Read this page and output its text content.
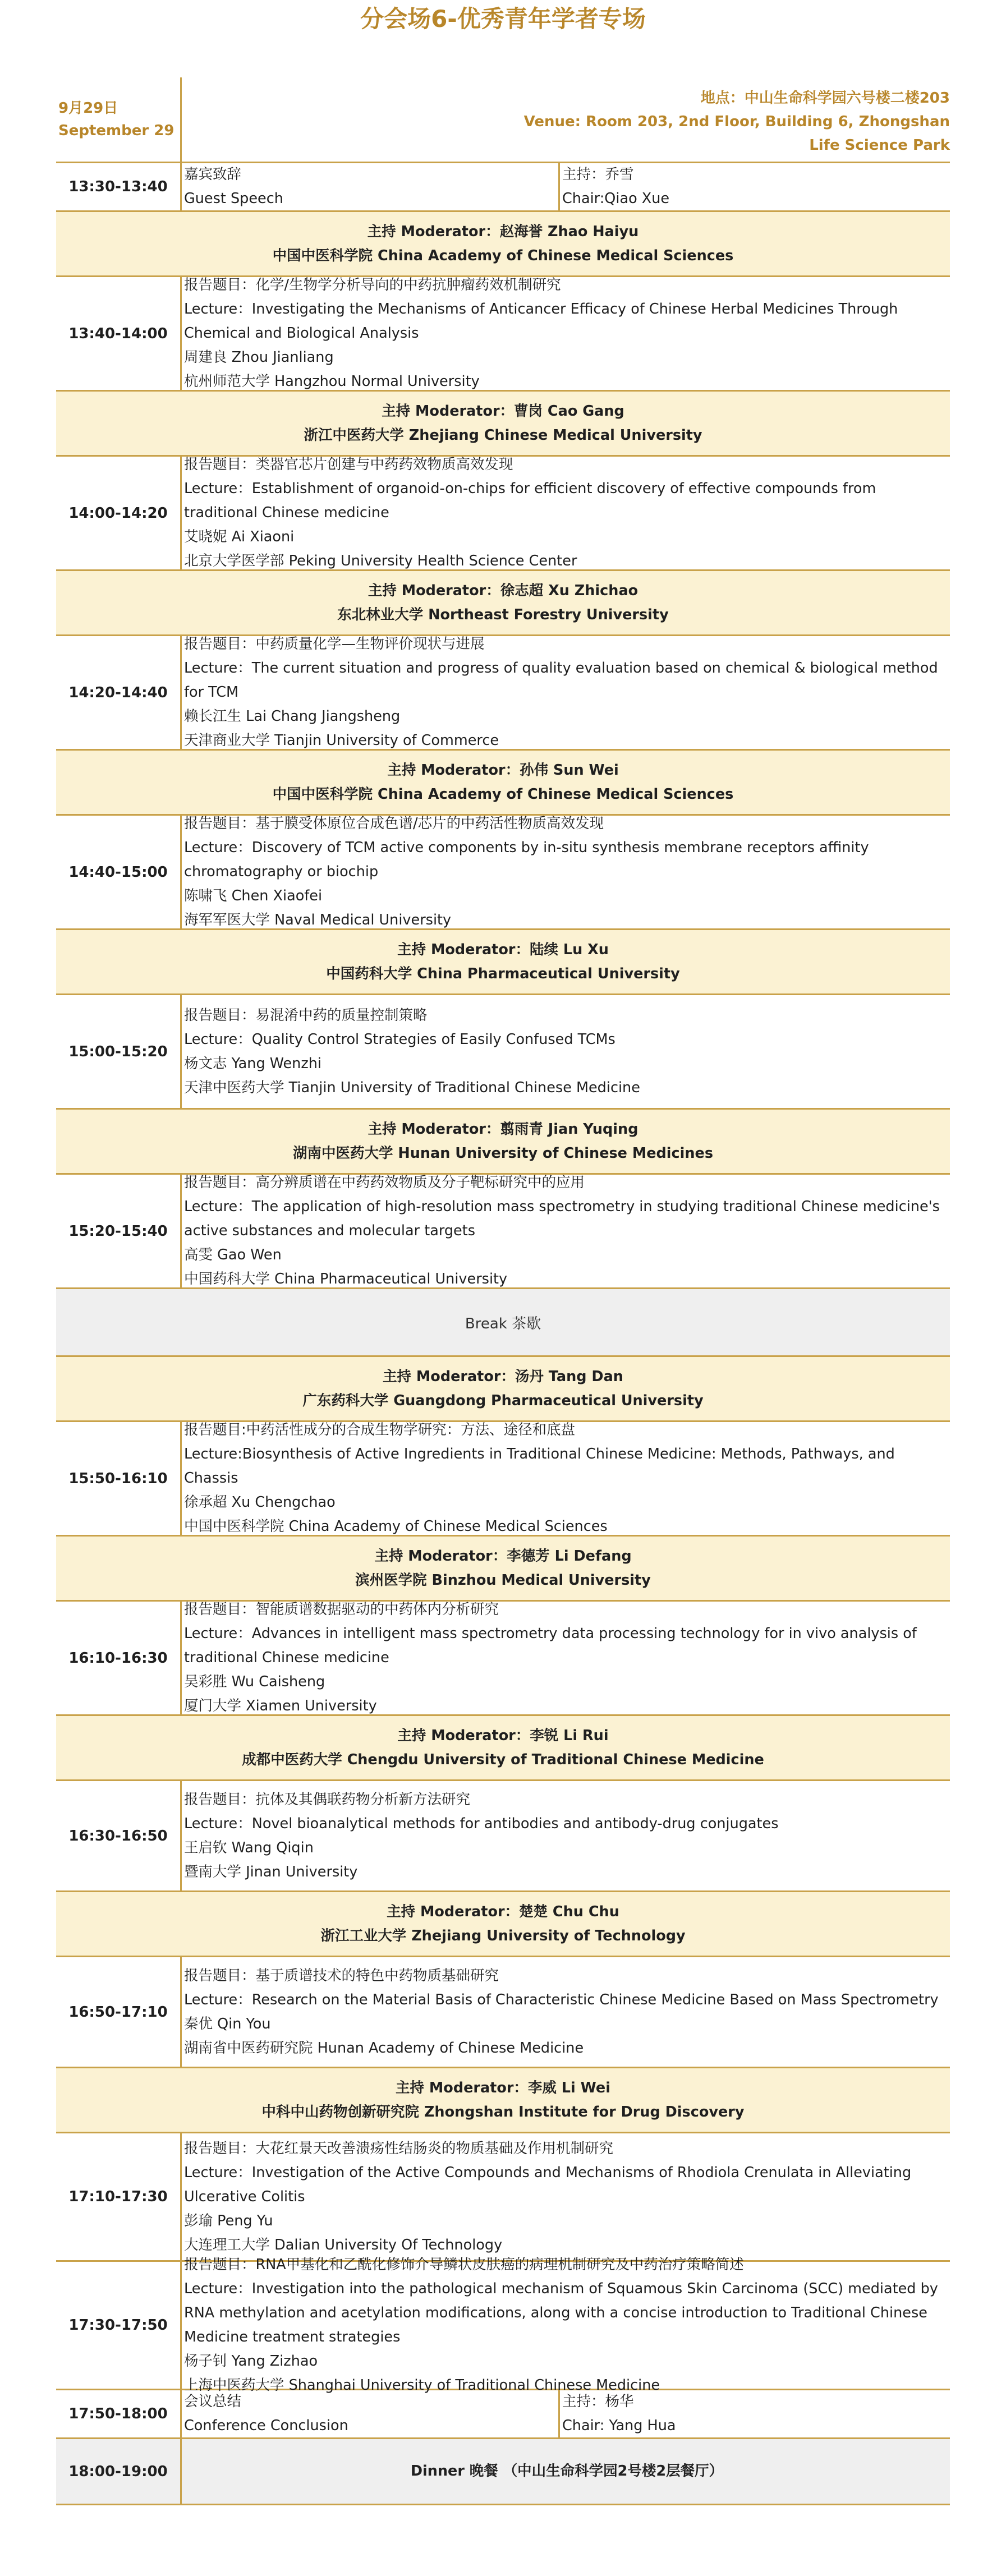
分会场6-优秀青年学者专场
9月29日
September 29
地点：中山生命科学园六号楼二楼203
Venue: Room 203, 2nd Floor, Building 6, Zhongshan
Life Science Park
13:30-13:40
嘉宾致辞
Guest Speech
主持：乔雪
Chair:Qiao Xue
主持 Moderator：赵海誉 Zhao Haiyu
中国中医科学院 China Academy of Chinese Medical Sciences
13:40-14:00
报告题目：化学/生物学分析导向的中药抗肿瘤药效机制研究
Lecture：Investigating the Mechanisms of Anticancer Efficacy of Chinese Herbal Medicines Through Chemical and Biological Analysis
周建良 Zhou Jianliang
杭州师范大学 Hangzhou Normal University
主持 Moderator：曹岗 Cao Gang
浙江中医药大学 Zhejiang Chinese Medical University
14:00-14:20
报告题目：类器官芯片创建与中药药效物质高效发现
Lecture：Establishment of organoid-on-chips for efficient discovery of effective compounds from traditional Chinese medicine
艾晓妮 Ai Xiaoni
北京大学医学部 Peking University Health Science Center
主持 Moderator：徐志超 Xu Zhichao
东北林业大学 Northeast Forestry University
14:20-14:40
报告题目：中药质量化学—生物评价现状与进展
Lecture：The current situation and progress of quality evaluation based on chemical & biological method for TCM
赖长江生 Lai Chang Jiangsheng
天津商业大学 Tianjin University of Commerce
主持 Moderator：孙伟 Sun Wei
中国中医科学院 China Academy of Chinese Medical Sciences
14:40-15:00
报告题目：基于膜受体原位合成色谱/芯片的中药活性物质高效发现
Lecture：Discovery of TCM active components by in-situ synthesis membrane receptors affinity chromatography or biochip
陈啸飞 Chen Xiaofei
海军军医大学 Naval Medical University
主持 Moderator：陆续 Lu Xu
中国药科大学 China Pharmaceutical University
15:00-15:20
报告题目：易混淆中药的质量控制策略
Lecture：Quality Control Strategies of Easily Confused TCMs
杨文志 Yang Wenzhi
天津中医药大学 Tianjin University of Traditional Chinese Medicine
主持 Moderator：翦雨青 Jian Yuqing
湖南中医药大学 Hunan University of Chinese Medicines
15:20-15:40
报告题目：高分辨质谱在中药药效物质及分子靶标研究中的应用
Lecture：The application of high-resolution mass spectrometry in studying traditional Chinese medicine's active substances and molecular targets
高雯 Gao Wen
中国药科大学 China Pharmaceutical University
Break 茶歇
主持 Moderator：汤丹 Tang Dan
广东药科大学 Guangdong Pharmaceutical University
15:50-16:10
报告题目:中药活性成分的合成生物学研究：方法、途径和底盘
Lecture:Biosynthesis of Active Ingredients in Traditional Chinese Medicine: Methods, Pathways, and Chassis
徐承超 Xu Chengchao
中国中医科学院 China Academy of Chinese Medical Sciences
主持 Moderator：李德芳 Li Defang
滨州医学院 Binzhou Medical University
16:10-16:30
报告题目：智能质谱数据驱动的中药体内分析研究
Lecture：Advances in intelligent mass spectrometry data processing technology for in vivo analysis of traditional Chinese medicine
吴彩胜 Wu Caisheng
厦门大学 Xiamen University
主持 Moderator：李锐 Li Rui
成都中医药大学 Chengdu University of Traditional Chinese Medicine
16:30-16:50
报告题目：抗体及其偶联药物分析新方法研究
Lecture：Novel bioanalytical methods for antibodies and antibody-drug conjugates
王启钦 Wang Qiqin
暨南大学 Jinan University
主持 Moderator：楚楚 Chu Chu
浙江工业大学 Zhejiang University of Technology
16:50-17:10
报告题目：基于质谱技术的特色中药物质基础研究
Lecture：Research on the Material Basis of Characteristic Chinese Medicine Based on Mass Spectrometry
秦优 Qin You
湖南省中医药研究院 Hunan Academy of Chinese Medicine
主持 Moderator：李威 Li Wei
中科中山药物创新研究院 Zhongshan Institute for Drug Discovery
17:10-17:30
报告题目：大花红景天改善溃疡性结肠炎的物质基础及作用机制研究
Lecture：Investigation of the Active Compounds and Mechanisms of Rhodiola Crenulata in Alleviating Ulcerative Colitis
彭瑜 Peng Yu
大连理工大学 Dalian University Of Technology
17:30-17:50
报告题目：RNA甲基化和乙酰化修饰介导鳞状皮肤癌的病理机制研究及中药治疗策略简述
Lecture：Investigation into the pathological mechanism of Squamous Skin Carcinoma (SCC) mediated by RNA methylation and acetylation modifications, along with a concise introduction to Traditional Chinese Medicine treatment strategies
杨子钊 Yang Zizhao
上海中医药大学 Shanghai University of Traditional Chinese Medicine
17:50-18:00
会议总结
Conference Conclusion
主持：杨华
Chair: Yang Hua
18:00-19:00	Dinner 晚餐 （中山生命科学园2号楼2层餐厅）
